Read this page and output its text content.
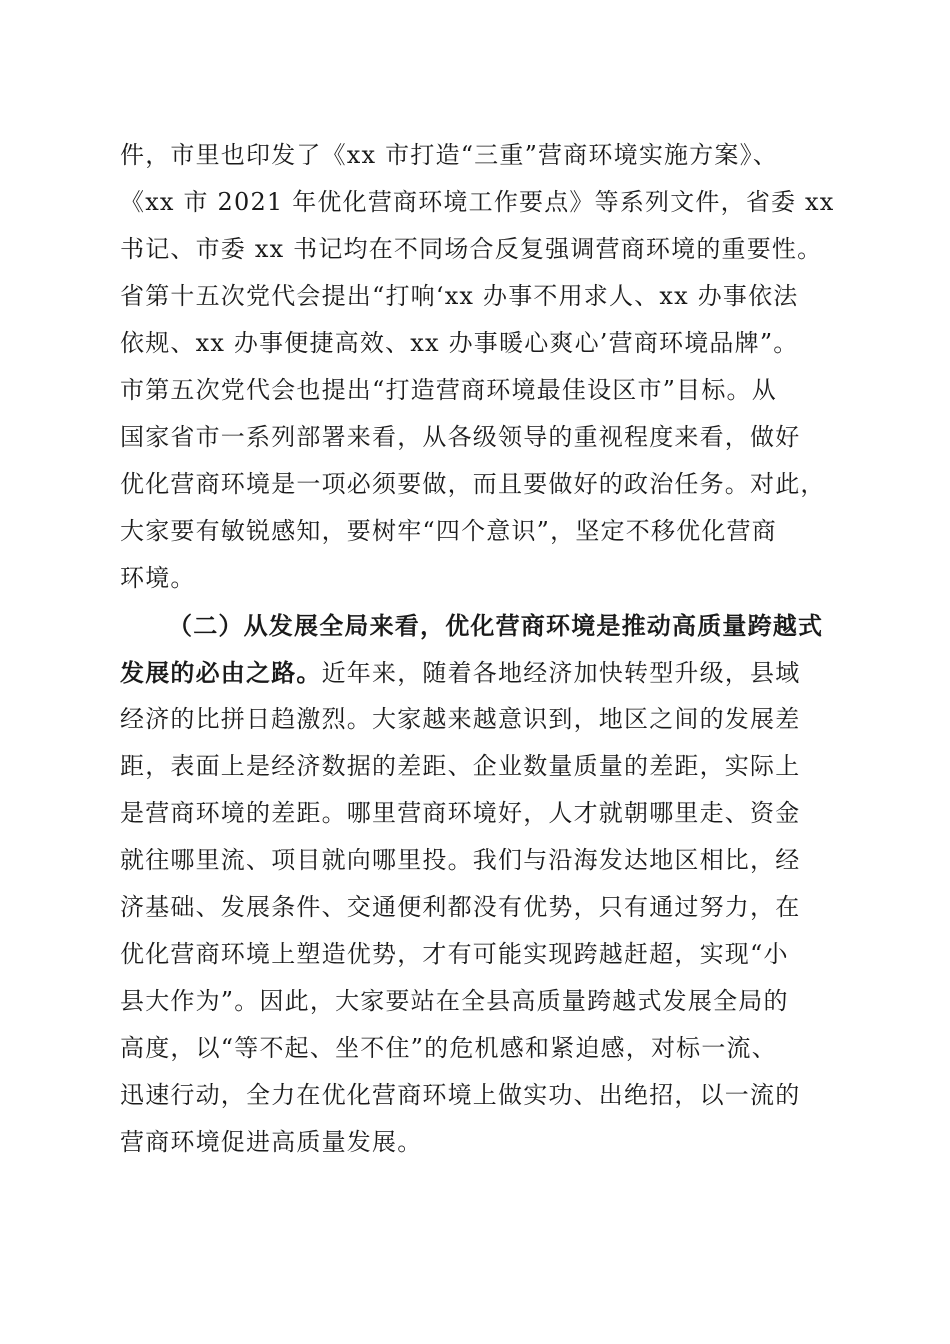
件，市里也印发了《xx 市打造“三重”营商环境实施方案》、
《xx 市 2021 年优化营商环境工作要点》等系列文件，省委 xx
书记、市委 xx 书记均在不同场合反复强调营商环境的重要性。
省第十五次党代会提出“打响‘xx 办事不用求人、xx 办事依法
依规、xx 办事便捷高效、xx 办事暖心爽心’营商环境品牌”。
市第五次党代会也提出“打造营商环境最佳设区市”目标。从
国家省市一系列部署来看，从各级领导的重视程度来看，做好
优化营商环境是一项必须要做，而且要做好的政治任务。对此，
大家要有敏锐感知，要树牢“四个意识”，坚定不移优化营商
环境。
（二）从发展全局来看，优化营商环境是推动高质量跨越式
发展的必由之路。近年来，随着各地经济加快转型升级，县域
经济的比拼日趋激烈。大家越来越意识到，地区之间的发展差
距，表面上是经济数据的差距、企业数量质量的差距，实际上
是营商环境的差距。哪里营商环境好，人才就朝哪里走、资金
就往哪里流、项目就向哪里投。我们与沿海发达地区相比，经
济基础、发展条件、交通便利都没有优势，只有通过努力，在
优化营商环境上塑造优势，才有可能实现跨越赶超，实现“小
县大作为”。因此，大家要站在全县高质量跨越式发展全局的
高度，以“等不起、坐不住”的危机感和紧迫感，对标一流、
迅速行动，全力在优化营商环境上做实功、出绝招，以一流的
营商环境促进高质量发展。
